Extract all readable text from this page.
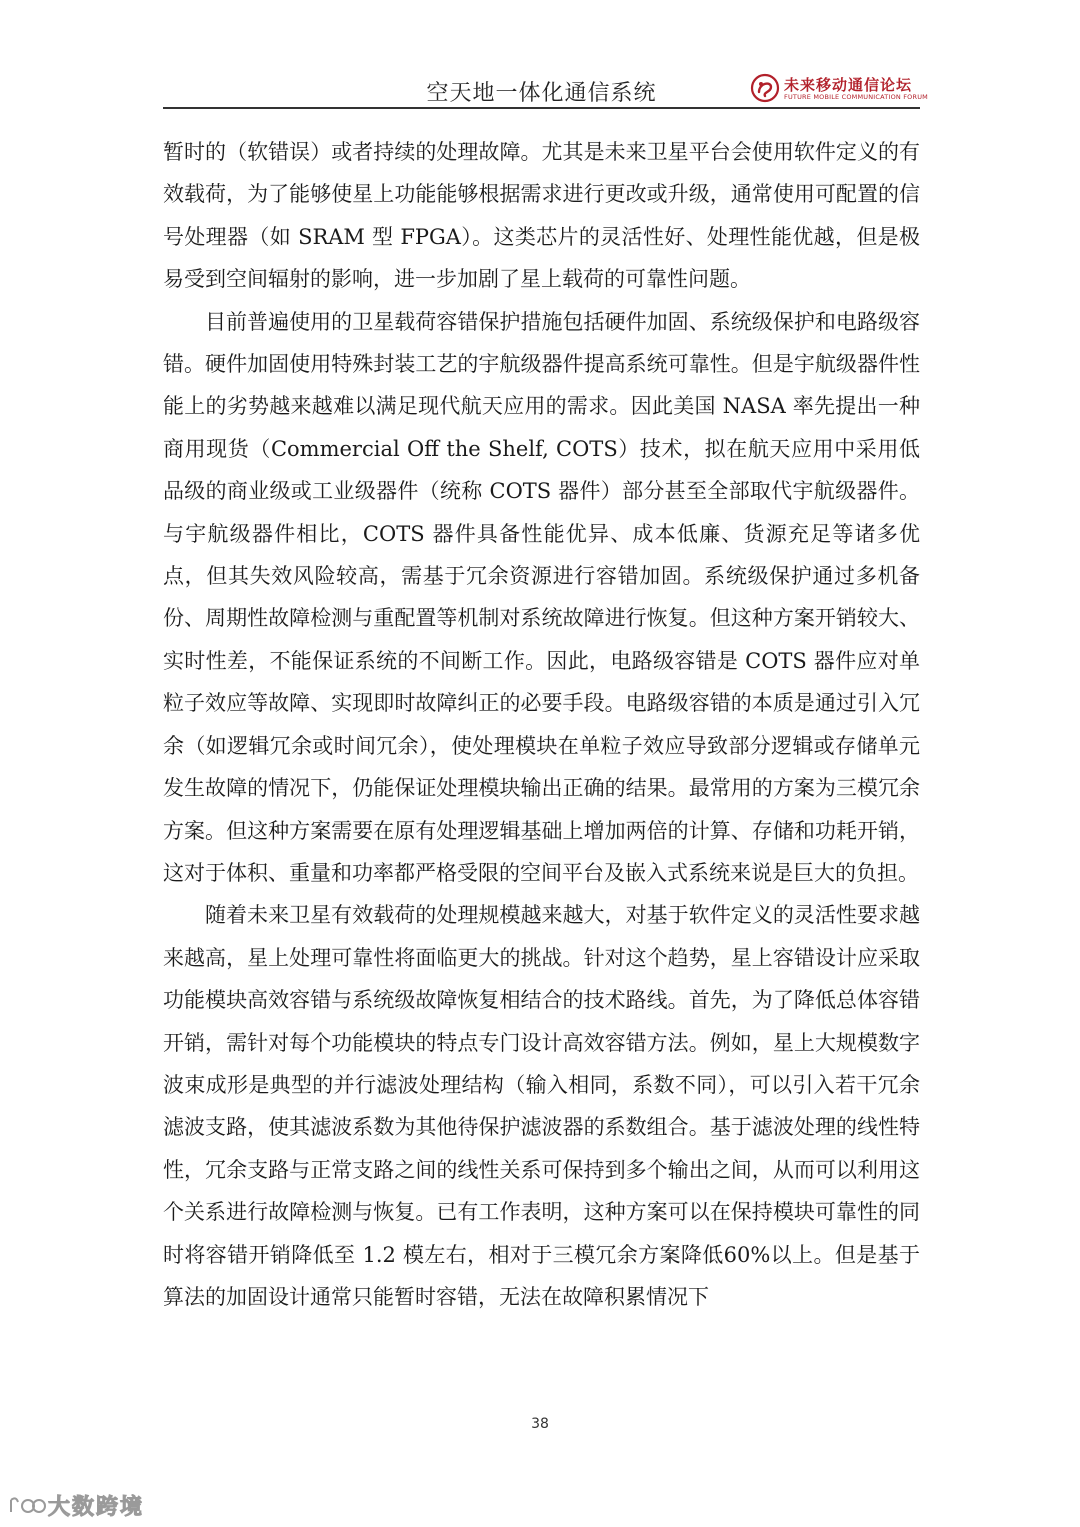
空天地一体化通信系统	未来移动通信论坛
FUTURE MOBILE COMMUNICATION FORUM

暂时的（软错误）或者持续的处理故障。尤其是未来卫星平台会使用软件定义的有效载荷，为了能够使星上功能能够根据需求进行更改或升级，通常使用可配置的信号处理器（如 SRAM 型 FPGA）。这类芯片的灵活性好、处理性能优越，但是极易受到空间辐射的影响，进一步加剧了星上载荷的可靠性问题。

目前普遍使用的卫星载荷容错保护措施包括硬件加固、系统级保护和电路级容错。硬件加固使用特殊封装工艺的宇航级器件提高系统可靠性。但是宇航级器件性能上的劣势越来越难以满足现代航天应用的需求。因此美国 NASA 率先提出一种商用现货（Commercial Off the Shelf, COTS）技术，拟在航天应用中采用低品级的商业级或工业级器件（统称 COTS 器件）部分甚至全部取代宇航级器件。与宇航级器件相比，COTS 器件具备性能优异、成本低廉、货源充足等诸多优点，但其失效风险较高，需基于冗余资源进行容错加固。系统级保护通过多机备份、周期性故障检测与重配置等机制对系统故障进行恢复。但这种方案开销较大、实时性差，不能保证系统的不间断工作。因此，电路级容错是 COTS 器件应对单粒子效应等故障、实现即时故障纠正的必要手段。电路级容错的本质是通过引入冗余（如逻辑冗余或时间冗余），使处理模块在单粒子效应导致部分逻辑或存储单元发生故障的情况下，仍能保证处理模块输出正确的结果。最常用的方案为三模冗余方案。但这种方案需要在原有处理逻辑基础上增加两倍的计算、存储和功耗开销，这对于体积、重量和功率都严格受限的空间平台及嵌入式系统来说是巨大的负担。

随着未来卫星有效载荷的处理规模越来越大，对基于软件定义的灵活性要求越来越高，星上处理可靠性将面临更大的挑战。针对这个趋势，星上容错设计应采取功能模块高效容错与系统级故障恢复相结合的技术路线。首先，为了降低总体容错开销，需针对每个功能模块的特点专门设计高效容错方法。例如，星上大规模数字波束成形是典型的并行滤波处理结构（输入相同，系数不同），可以引入若干冗余滤波支路，使其滤波系数为其他待保护滤波器的系数组合。基于滤波处理的线性特性，冗余支路与正常支路之间的线性关系可保持到多个输出之间，从而可以利用这个关系进行故障检测与恢复。已有工作表明，这种方案可以在保持模块可靠性的同时将容错开销降低至 1.2 模左右，相对于三模冗余方案降低60%以上。但是基于算法的加固设计通常只能暂时容错，无法在故障积累情况下

38
大数跨境
